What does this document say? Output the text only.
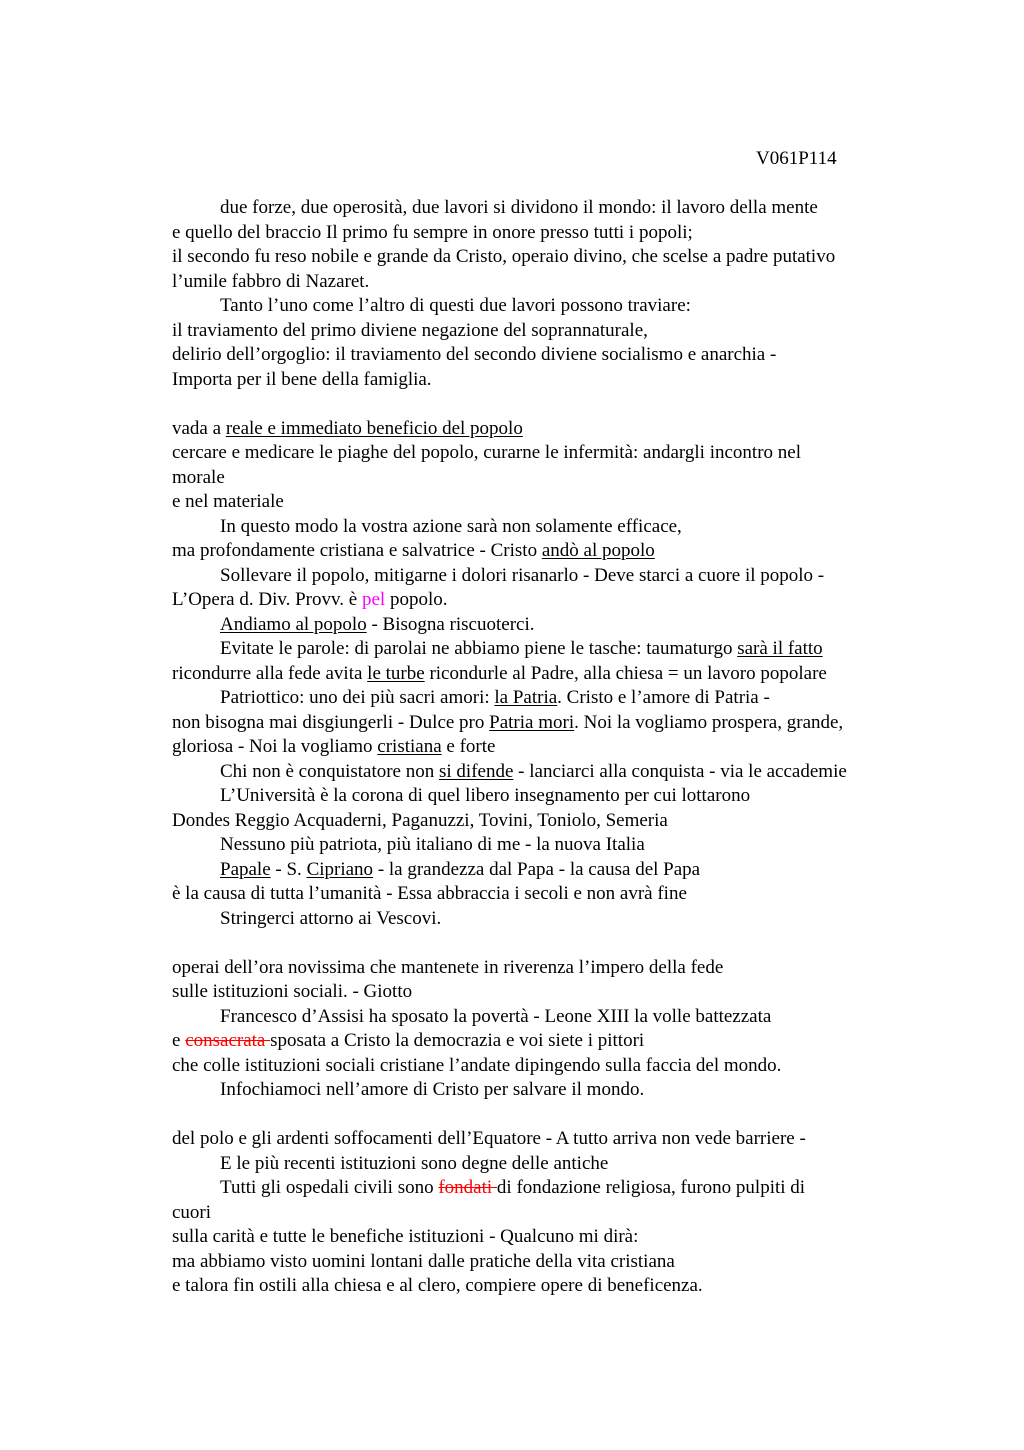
V061P114
due forze, due operosità, due lavori si dividono il mondo: il lavoro della mente
e quello del braccio Il primo fu sempre in onore presso tutti i popoli;
il secondo fu reso nobile e grande da Cristo, operaio divino, che scelse a padre putativo
l’umile fabbro di Nazaret.
Tanto l’uno come l’altro di questi due lavori possono traviare:
il traviamento del primo diviene negazione del soprannaturale,
delirio dell’orgoglio: il traviamento del secondo diviene socialismo e anarchia -
Importa per il bene della famiglia.
vada a reale e immediato beneficio del popolo
cercare e medicare le piaghe del popolo, curarne le infermità: andargli incontro nel
morale
e nel materiale
In questo modo la vostra azione sarà non solamente efficace,
ma profondamente cristiana e salvatrice - Cristo andò al popolo
Sollevare il popolo, mitigarne i dolori risanarlo - Deve starci a cuore il popolo -
L’Opera d. Div. Provv. è pel popolo.
Andiamo al popolo - Bisogna riscuoterci.
Evitate le parole: di parolai ne abbiamo piene le tasche: taumaturgo sarà il fatto
ricondurre alla fede avita le turbe ricondurle al Padre, alla chiesa = un lavoro popolare
Patriottico: uno dei più sacri amori: la Patria. Cristo e l’amore di Patria -
non bisogna mai disgiungerli - Dulce pro Patria mori. Noi la vogliamo prospera, grande,
gloriosa - Noi la vogliamo cristiana e forte
Chi non è conquistatore non si difende - lanciarci alla conquista - via le accademie
L’Università è la corona di quel libero insegnamento per cui lottarono
Dondes Reggio Acquaderni, Paganuzzi, Tovini, Toniolo, Semeria
Nessuno più patriota, più italiano di me - la nuova Italia
Papale - S. Cipriano - la grandezza dal Papa - la causa del Papa
è la causa di tutta l’umanità - Essa abbraccia i secoli e non avrà fine
Stringerci attorno ai Vescovi.
operai dell’ora novissima che mantenete in riverenza l’impero della fede
sulle istituzioni sociali. - Giotto
Francesco d’Assisi ha sposato la povertà - Leone XIII la volle battezzata
e consacrata sposata a Cristo la democrazia e voi siete i pittori
che colle istituzioni sociali cristiane l’andate dipingendo sulla faccia del mondo.
Infochiamoci nell’amore di Cristo per salvare il mondo.
del polo e gli ardenti soffocamenti dell’Equatore - A tutto arriva non vede barriere -
E le più recenti istituzioni sono degne delle antiche
Tutti gli ospedali civili sono fondati di fondazione religiosa, furono pulpiti di
cuori
sulla carità e tutte le benefiche istituzioni - Qualcuno mi dirà:
ma abbiamo visto uomini lontani dalle pratiche della vita cristiana
e talora fin ostili alla chiesa e al clero, compiere opere di beneficenza.
